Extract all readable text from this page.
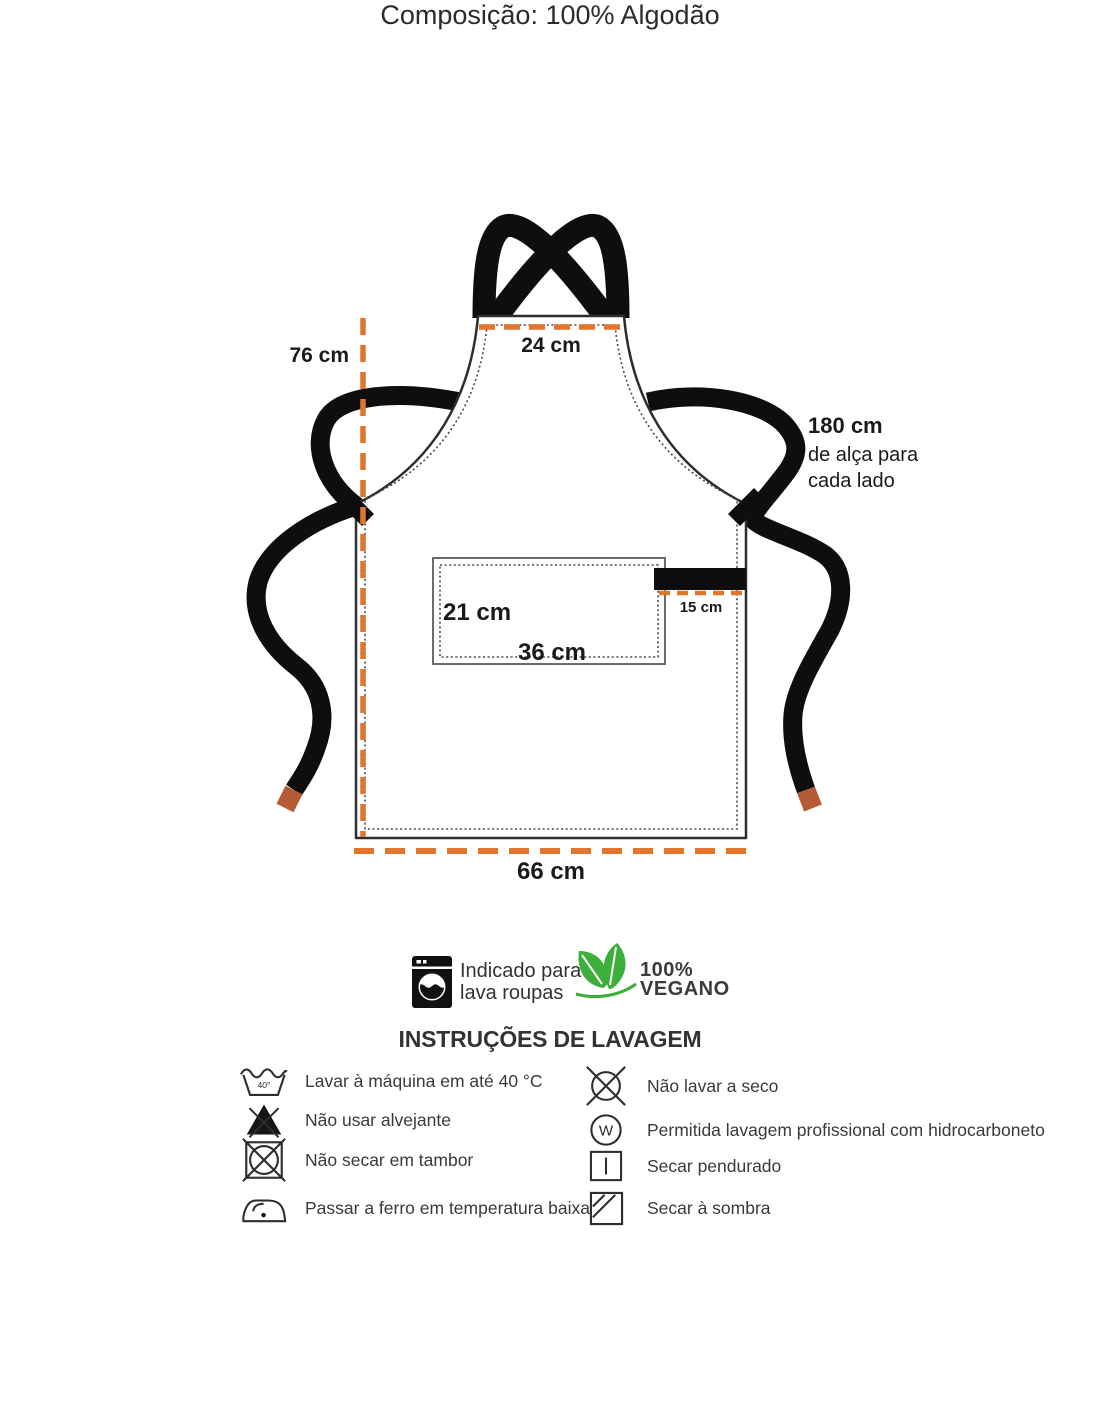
76 cm	24 cm
180 cm
de alça para
cada lado
21 cm
36 cm
15 cm
66 cm
Composição: 100% Algodão
Indicado para
lava roupas
100%
VEGANO
INSTRUÇÕES DE LAVAGEM
40° Lavar à máquina em até 40 °C
Não usar alvejante
Não secar em tambor
Passar a ferro em temperatura baixa
Não lavar a seco
W Permitida lavagem profissional com hidrocarboneto
Secar pendurado
Secar à sombra
